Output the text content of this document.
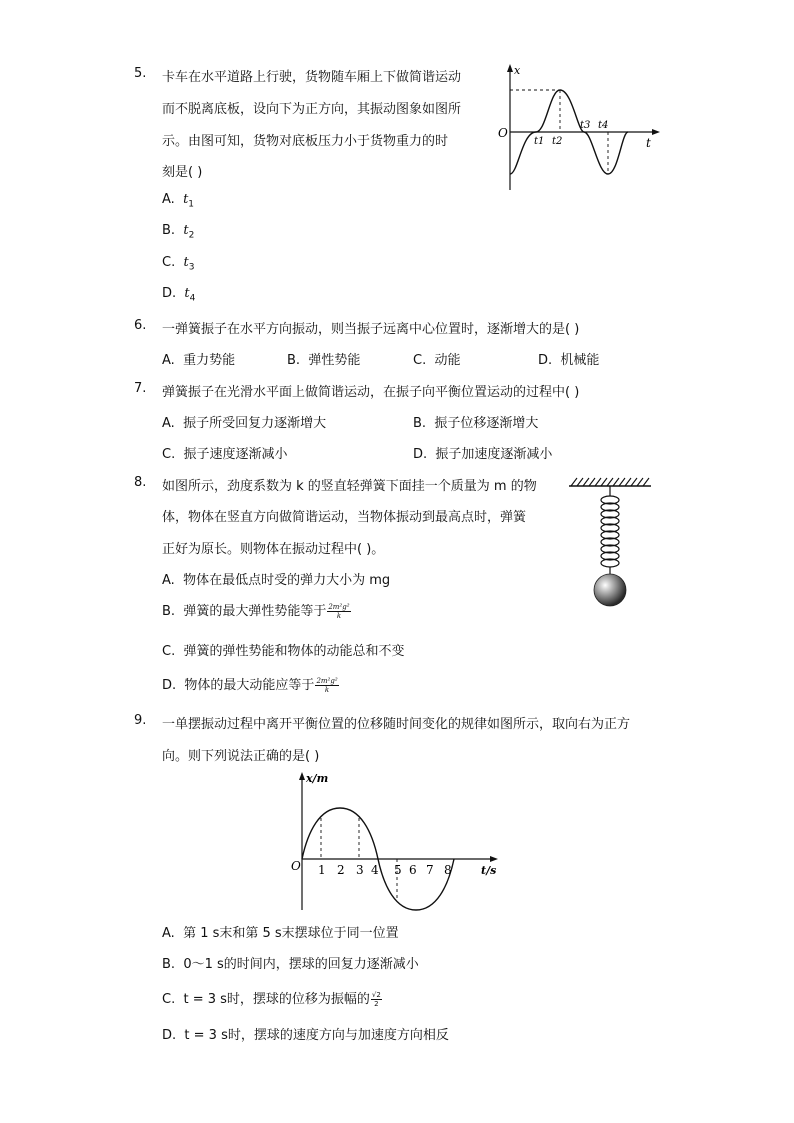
5.	卡车在水平道路上行驶，货物随车厢上下做简谐运动
而不脱离底板，设向下为正方向，其振动图象如图所
示。由图可知，货物对底板压力小于货物重力的时
刻是( )
A. $t_1$
B. $t_2$
C. $t_3$
D. $t_4$
x
O
t
t1 t2
t3 t4
6.	一弹簧振子在水平方向振动，则当振子远离中心位置时，逐渐增大的是( )
A. 重力势能	B. 弹性势能	C. 动能	D. 机械能
7.	弹簧振子在光滑水平面上做简谐运动，在振子向平衡位置运动的过程中( )
A. 振子所受回复力逐渐增大	B. 振子位移逐渐增大
C. 振子速度逐渐减小	D. 振子加速度逐渐减小
8.	如图所示，劲度系数为 k 的竖直轻弹簧下面挂一个质量为 m 的物
体，物体在竖直方向做简谐运动，当物体振动到最高点时，弹簧
正好为原长。则物体在振动过程中( )。
A. 物体在最低点时受的弹力大小为 mg
B. 弹簧的最大弹性势能等于 $\frac{\text{2m²g²}}{k}$
C. 弹簧的弹性势能和物体的动能总和不变
D. 物体的最大动能应等于 $\frac{\text{2m²g²}}{k}$
9.	一单摆振动过程中离开平衡位置的位移随时间变化的规律如图所示，取向右为正方
向。则下列说法正确的是( )
x/m
O	t/s
1 2 3 4 5 6 7 8
A. 第 1 s末和第 5 s末摆球位于同一位置
B. 0～1 s的时间内，摆球的回复力逐渐减小
C. t = 3 s时，摆球的位移为振幅的 $\frac{√2}{2}$
D. t = 3 s时，摆球的速度方向与加速度方向相反
